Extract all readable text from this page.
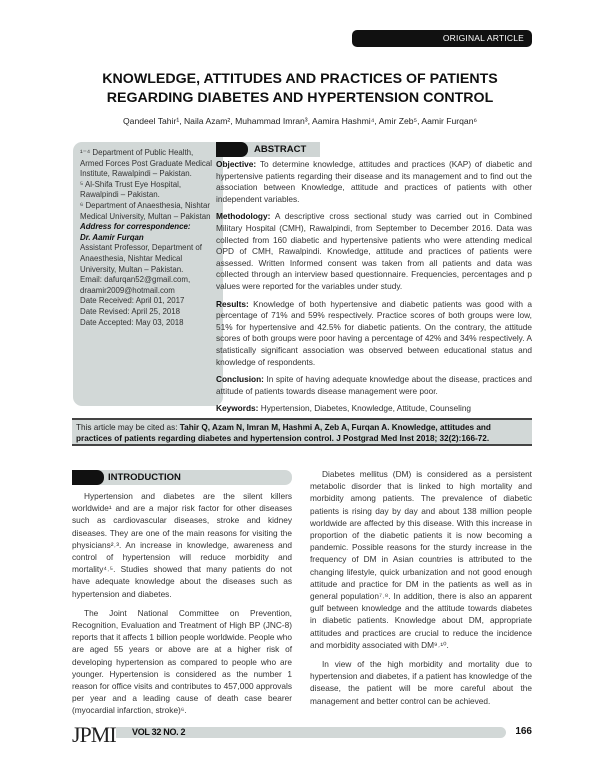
ORIGINAL ARTICLE
KNOWLEDGE, ATTITUDES AND PRACTICES OF PATIENTS
REGARDING DIABETES AND HYPERTENSION CONTROL
Qandeel Tahir¹, Naila Azam², Muhammad Imran³, Aamira Hashmi⁴, Amir Zeb⁵, Aamir Furqan⁶
¹⁻⁴ Department of Public Health, Armed Forces Post Graduate Medical Institute, Rawalpindi – Pakistan.
⁵ Al-Shifa Trust Eye Hospital, Rawalpindi – Pakistan.
⁶ Department of Anaesthesia, Nishtar Medical University, Multan – Pakistan
Address for correspondence:
Dr. Aamir Furqan
Assistant Professor, Department of Anaesthesia, Nishtar Medical University, Multan – Pakistan.
Email: dafurqan52@gmail.com, draamir2009@hotmail.com
Date Received: April 01, 2017
Date Revised: April 25, 2018
Date Accepted: May 03, 2018
ABSTRACT

Objective: To determine knowledge, attitudes and practices (KAP) of diabetic and hypertensive patients regarding their disease and its management and to find out the association between Knowledge, attitude and practices of patients with other independent variables.

Methodology: A descriptive cross sectional study was carried out in Combined Military Hospital (CMH), Rawalpindi, from September to December 2016. Data was collected from 160 diabetic and hypertensive patients who were attending medical OPD of CMH, Rawalpindi. Knowledge, attitude and practices of patients were assessed. Written Informed consent was taken from all patients and data was collected through an interview based questionnaire. Frequencies, percentages and p values were reported for the variables under study.

Results: Knowledge of both hypertensive and diabetic patients was good with a percentage of 71% and 59% respectively. Practice scores of both groups were low, 51% for hypertensive and 42.5% for diabetic patients. On the contrary, the attitude scores of both groups were poor having a percentage of 42% and 34% respectively. A statistically significant association was observed between educational status and knowledge of respondents.

Conclusion: In spite of having adequate knowledge about the disease, practices and attitude of patients towards disease management were poor.

Keywords: Hypertension, Diabetes, Knowledge, Attitude, Counseling

This article may be cited as: Tahir Q, Azam N, Imran M, Hashmi A, Zeb A, Furqan A. Knowledge, attitudes and practices of patients regarding diabetes and hypertension control. J Postgrad Med Inst 2018; 32(2):166-72.
INTRODUCTION

Hypertension and diabetes are the silent killers worldwide¹ and are a major risk factor for other diseases such as cardiovascular diseases, stroke and kidney diseases. They are one of the main reasons for visiting the physicians²˒³. An increase in knowledge, awareness and control of hypertension will reduce morbidity and mortality⁴˒⁵. Studies showed that many patients do not have adequate knowledge about the diseases such as hypertension and diabetes.

The Joint National Committee on Prevention, Recognition, Evaluation and Treatment of High BP (JNC-8) reports that it affects 1 billion people worldwide. People who are aged 55 years or above are at a higher risk of developing hypertension as compared to people who are younger. Hypertension is considered as the number 1 reason for office visits and contributes to 457,000 approvals per year and a leading cause of death case bearer (myocardial infarction, stroke)⁶.

Diabetes mellitus (DM) is considered as a persistent metabolic disorder that is linked to high mortality and morbidity among patients. The prevalence of diabetic patients is rising day by day and about 138 million people worldwide are affected by this disease. With this increase in proportion of the diabetic patients it is now becoming a pandemic. Possible reasons for the sturdy increase in the frequency of DM in Asian countries is attributed to the changing lifestyle, quick urbanization and not good enough attitude and practice for DM in the patients as well as in general population⁷˒⁸. In addition, there is also an apparent gulf between knowledge and the attitude towards diabetes in diabetic patients. Knowledge about DM, appropriate attitudes and practices are crucial to reduce the incidence and morbidity associated with DM⁹˒¹⁰.

In view of the high morbidity and mortality due to hypertension and diabetes, if a patient has knowledge of the disease, the patient will be more careful about the management and better control can be achieved.

JPMI VOL 32 NO. 2	166
